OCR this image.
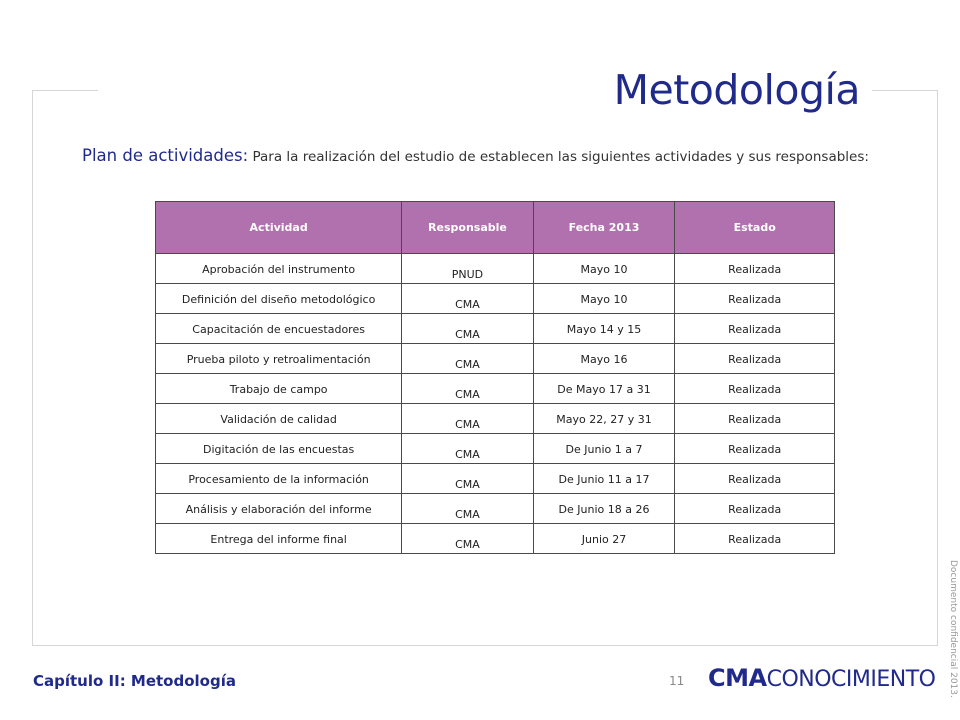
Metodología
Plan de actividades: Para la realización del estudio de establecen las siguientes actividades y sus responsables:
Actividad	Responsable	Fecha 2013	Estado

Aprobación del instrumento	PNUD	Mayo 10	Realizada

Definición del diseño metodológico	CMA	Mayo 10	Realizada

Capacitación de encuestadores	CMA	Mayo 14 y 15	Realizada

Prueba piloto y retroalimentación	CMA	Mayo 16	Realizada

Trabajo de campo	CMA	De Mayo 17 a 31	Realizada

Validación de calidad	CMA	Mayo 22, 27 y 31	Realizada

Digitación de las encuestas	CMA	De Junio 1 a 7	Realizada

Procesamiento de la información	CMA	De Junio 11 a 17	Realizada

Análisis y elaboración del informe	CMA	De Junio 18 a 26	Realizada

Entrega del informe final	CMA	Junio 27	Realizada
Capítulo II: Metodología	11 CMACONOCIMIENTO Documento confidencial 2013.
